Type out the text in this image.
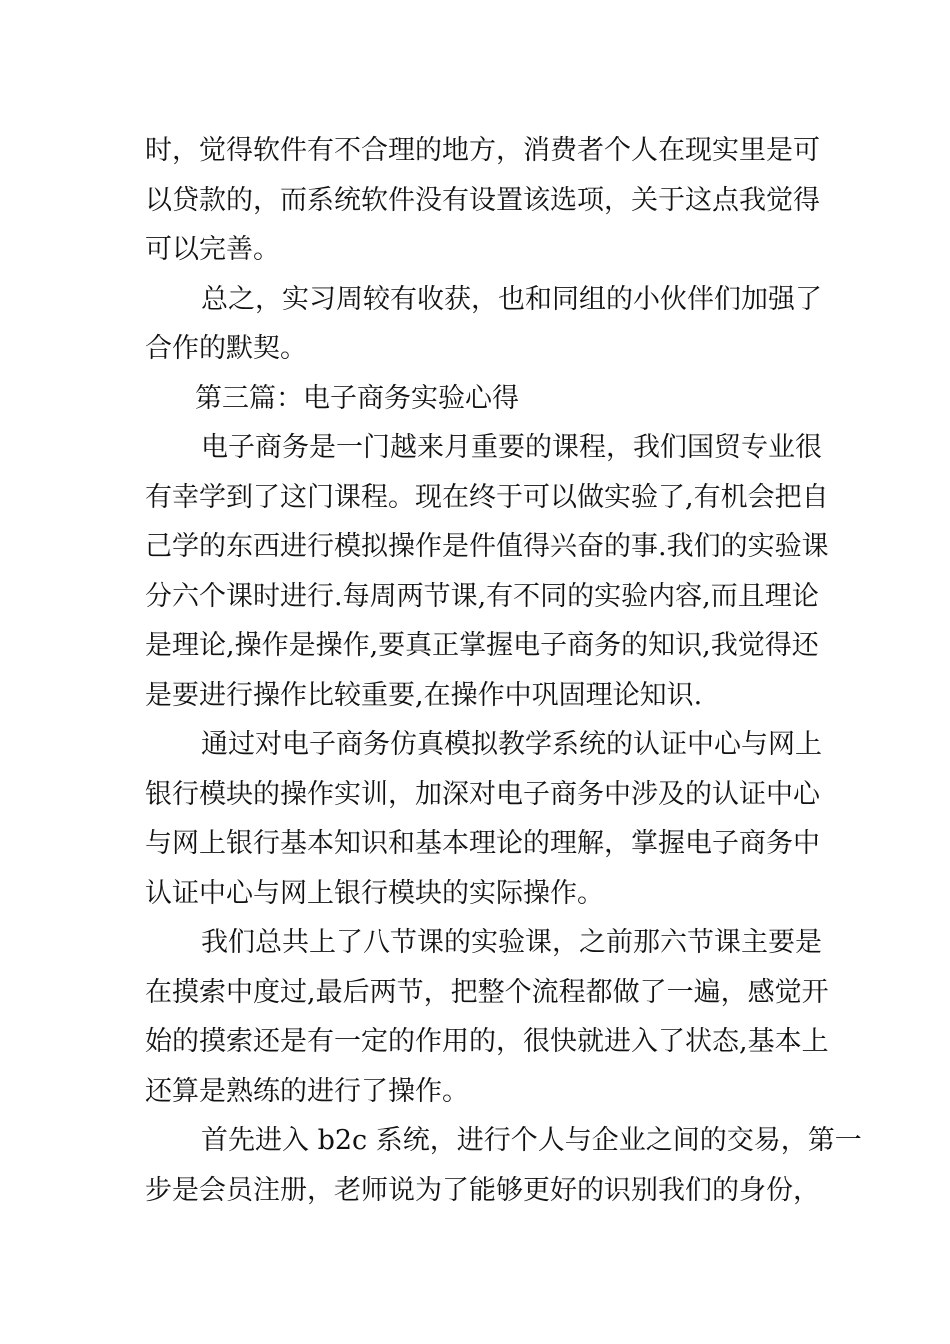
时，觉得软件有不合理的地方，消费者个人在现实里是可
以贷款的，而系统软件没有设置该选项，关于这点我觉得
可以完善。

总之，实习周较有收获，也和同组的小伙伴们加强了
合作的默契。

第三篇：电子商务实验心得

电子商务是一门越来月重要的课程，我们国贸专业很
有幸学到了这门课程。现在终于可以做实验了,有机会把自
己学的东西进行模拟操作是件值得兴奋的事.我们的实验课
分六个课时进行.每周两节课,有不同的实验内容,而且理论
是理论,操作是操作,要真正掌握电子商务的知识,我觉得还
是要进行操作比较重要,在操作中巩固理论知识.

通过对电子商务仿真模拟教学系统的认证中心与网上
银行模块的操作实训，加深对电子商务中涉及的认证中心
与网上银行基本知识和基本理论的理解，掌握电子商务中
认证中心与网上银行模块的实际操作。

我们总共上了八节课的实验课，之前那六节课主要是
在摸索中度过,最后两节，把整个流程都做了一遍，感觉开
始的摸索还是有一定的作用的，很快就进入了状态,基本上
还算是熟练的进行了操作。

首先进入 b2c 系统，进行个人与企业之间的交易，第一
步是会员注册，老师说为了能够更好的识别我们的身份，
